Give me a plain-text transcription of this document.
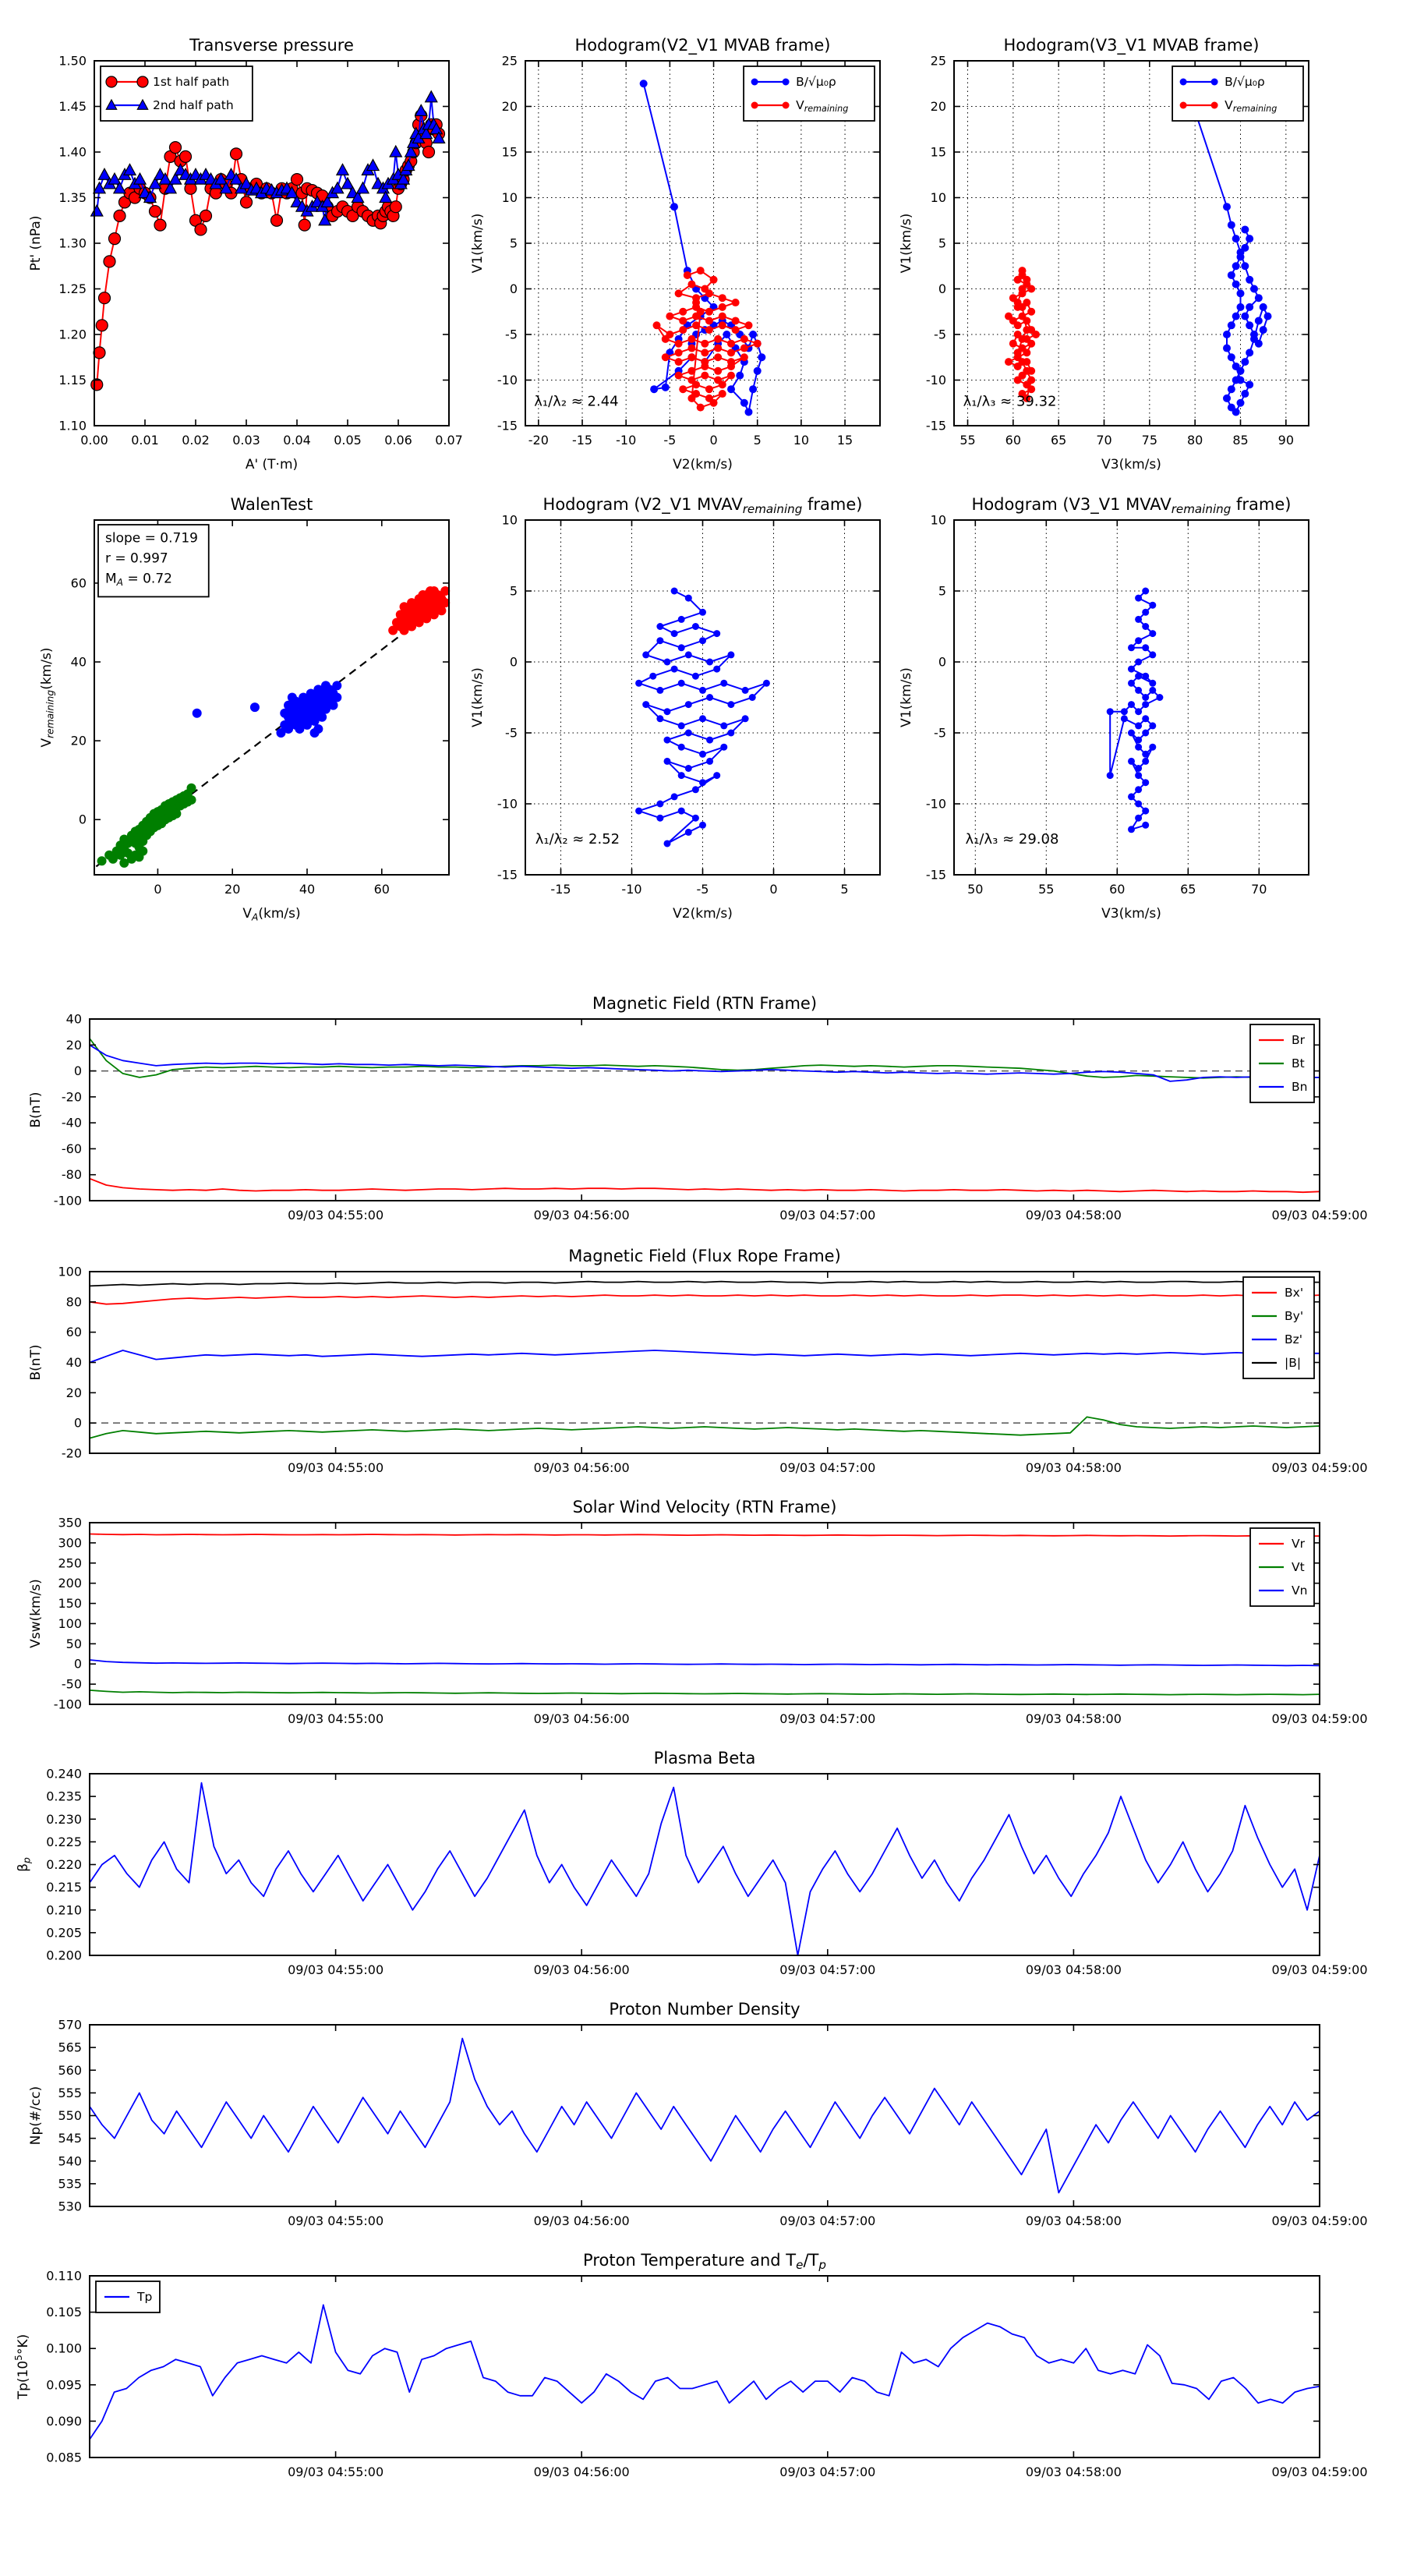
0.00 0.01 0.02 0.03 0.04 0.05 0.06 0.07
1.10
1.15
1.20
1.25
1.30
1.35
1.40
1.45
1.50
Transverse pressure
A' (T·m)
Pt' (nPa)
1st half path
2nd half path
-20 -15 -10 -5	0	5	10 15
-15
-10
-5
0
5
10
15
20
25
Hodogram(V2_V1 MVAB frame)
V2(km/s)
V1(km/s)
λ₁/λ₂ ≈ 2.44
B/√μ₀ρ
$V_{remaining}$
55 60 65 70 75 80 85 90
-15
-10
-5
0
5
10
15
20
25
Hodogram(V3_V1 MVAB frame)
V3(km/s)
V1(km/s)
λ₁/λ₃ ≈ 39.32
B/√μ₀ρ
$V_{remaining}$
0	20	40	60
0
20
40
60
WalenTest
$V_A(km/s)$
$V_{remaining}(km/s)$
slope = 0.719
r = 0.997
$M_A = 0.72$
-15	-10	-5	0	5
-15
-10
-5
0
5
10
Hodogram (V2_V1 $MVAV_{remaining}$ frame)
V2(km/s)
V1(km/s)
λ₁/λ₂ ≈ 2.52
50	55	60	65	70
-15
-10
-5
0
5
10
Hodogram (V3_V1 $MVAV_{remaining}$ frame)
V3(km/s)
V1(km/s)
λ₁/λ₃ ≈ 29.08
09/03 04:55:00	09/03 04:56:00	09/03 04:57:00	09/03 04:58:00	09/03 04:59:00
-100
-80
-60
-40
-20
0
20
40
Magnetic Field (RTN Frame)
B(nT)
Br
Bt
Bn
09/03 04:55:00	09/03 04:56:00	09/03 04:57:00	09/03 04:58:00	09/03 04:59:00
-20
0
20
40
60
80
100
Magnetic Field (Flux Rope Frame)
B(nT)
Bx'
By'
Bz'
|B|
09/03 04:55:00	09/03 04:56:00	09/03 04:57:00	09/03 04:58:00	09/03 04:59:00
-100
-50
0
50
100
150
200
250
300
350
Solar Wind Velocity (RTN Frame)
Vsw(km/s)
Vr
Vt
Vn
09/03 04:55:00	09/03 04:56:00	09/03 04:57:00	09/03 04:58:00	09/03 04:59:00
0.200
0.205
0.210
0.215
0.220
0.225
0.230
0.235
0.240
Plasma Beta
$\beta_p$
09/03 04:55:00	09/03 04:56:00	09/03 04:57:00	09/03 04:58:00	09/03 04:59:00
530
535
540
545
550
555
560
565
570
Proton Number Density
Np(#/cc)
09/03 04:55:00	09/03 04:56:00	09/03 04:57:00	09/03 04:58:00	09/03 04:59:00
0.085
0.090
0.095
0.100
0.105
0.110
Proton Temperature and $T_e/T_p$
$Tp(10^5^\circ K)$
Tp
